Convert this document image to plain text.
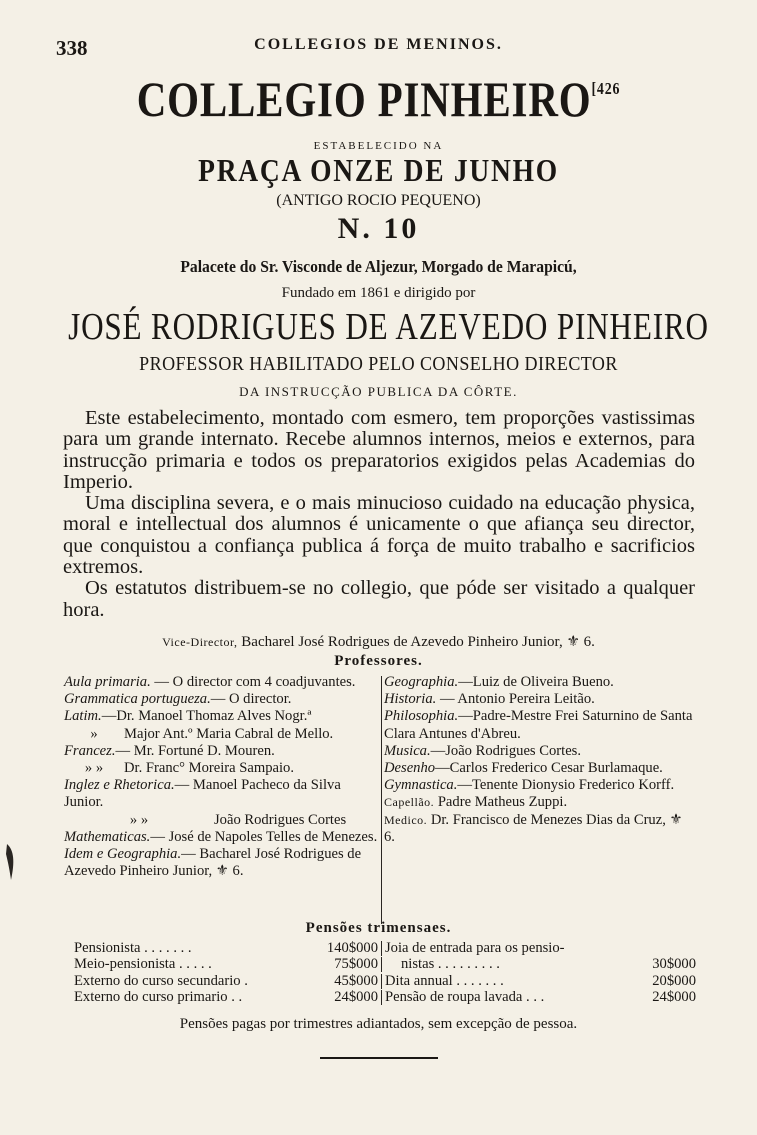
338	COLLEGIOS DE MENINOS.
COLLEGIO $PINHEIRO^{[426}$
ESTABELECIDO NA
PRAÇA ONZE DE JUNHO
(ANTIGO ROCIO PEQUENO)
N. 10
Palacete do Sr. Visconde de Aljezur, Morgado de Marapicú,
Fundado em 1861 e dirigido por
JOSÉ RODRIGUES DE AZEVEDO PINHEIRO
PROFESSOR HABILITADO PELO CONSELHO DIRECTOR
DA INSTRUCÇÃO PUBLICA DA CÔRTE.

Este estabelecimento, montado com esmero, tem proporções vastissimas para um grande internato. Recebe alumnos internos, meios e externos, para instrucção primaria e todos os preparatorios exigidos pelas Academias do Imperio.

Uma disciplina severa, e o mais minucioso cuidado na educação physica, moral e intellectual dos alumnos é unicamente o que afiança seu director, que conquistou a confiança publica á força de muito trabalho e sacrificios extremos.

Os estatutos distribuem-se no collegio, que póde ser visitado a qualquer hora.

Vice-Director, Bacharel José Rodrigues de Azevedo Pinheiro Junior, ⚜ 6.
Professores.
Aula primaria. — O director com 4 coadjuvantes.
Grammatica portugueza.— O director.
Latim.—Dr. Manoel Thomaz Alves Nogr.ª
» Major Ant.º Maria Cabral de Mello.
Francez.— Mr. Fortuné D. Mouren.
» » Dr. Franc° Moreira Sampaio.
Inglez e Rhetorica.— Manoel Pacheco da Silva Junior.
» »	João Rodrigues Cortes
Mathematicas.— José de Napoles Telles de Menezes.
Idem e Geographia.— Bacharel José Rodrigues de Azevedo Pinheiro Junior, ⚜ 6.
Geographia.—Luiz de Oliveira Bueno.
Historia. — Antonio Pereira Leitão.
Philosophia.—Padre-Mestre Frei Saturnino de Santa Clara Antunes d'Abreu.
Musica.—João Rodrigues Cortes.
Desenho—Carlos Frederico Cesar Burlamaque.
Gymnastica.—Tenente Dionysio Frederico Korff.
Capellão. Padre Matheus Zuppi.
Medico. Dr. Francisco de Menezes Dias da Cruz, ⚜ 6.
Pensões trimensaes.
Pensionista . . . . . . .	140$000 Joia de entrada para os pensio-
Meio-pensionista . . . . .	75$000	nistas . . . . . . . . .	30$000
Externo do curso secundario .	45$000 Dita annual . . . . . . .	20$000
Externo do curso primario . .	24$000 Pensão de roupa lavada . . .	24$000
Pensões pagas por trimestres adiantados, sem excepção de pessoa.
